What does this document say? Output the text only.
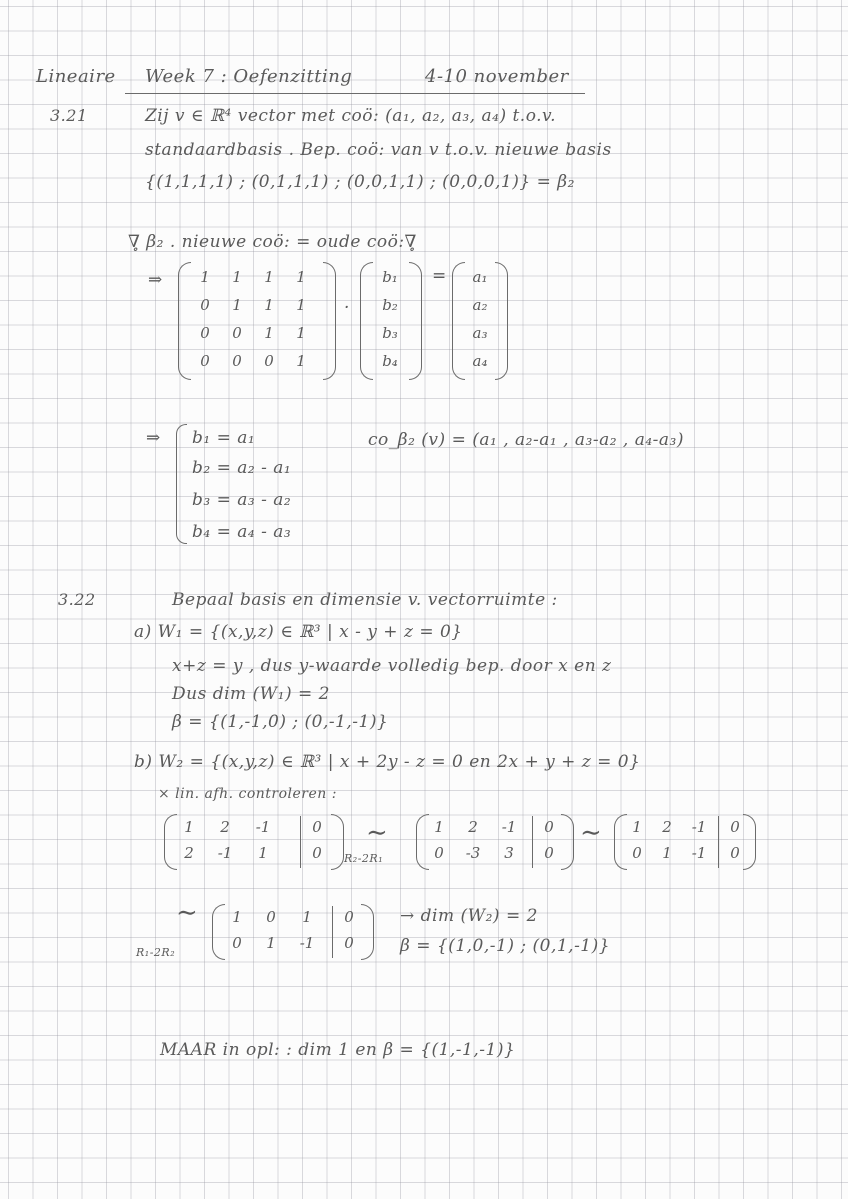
Lineaire Week 7 : Oefenzitting	4-10 november
3.21	Zij v ∈ ℝ⁴ vector met coö: (a₁, a₂, a₃, a₄) t.o.v.
standaardbasis . Bep. coö: van v t.o.v. nieuwe basis
{(1,1,1,1) ; (0,1,1,1) ; (0,0,1,1) ; (0,0,0,1)} = β₂
∇̥ β₂ . nieuwe coö: = oude coö:∇̥
⇒	1	1	1	1
0	1	1	1
0	0	1	1
0	0	0	1
·
b₁
b₂
b₃
b₄
=	a₁
a₂
a₃
a₄
⇒ b₁ = a₁
b₂ = a₂ - a₁
b₃ = a₃ - a₂
b₄ = a₄ - a₃
co_β₂ (v) = (a₁ , a₂-a₁ , a₃-a₂ , a₄-a₃)
3.22	Bepaal basis en dimensie v. vectorruimte :
a) W₁ = {(x,y,z) ∈ ℝ³ | x - y + z = 0}
x+z = y , dus y-waarde volledig bep. door x en z
Dus dim (W₁) = 2
β = {(1,-1,0) ; (0,-1,-1)}
b) W₂ = {(x,y,z) ∈ ℝ³ | x + 2y - z = 0 en 2x + y + z = 0}
× lin. afh. controleren :
1	2	-1	0
2	-1	1	0
∼
R₂-2R₁
1	2	-1	0
0	-3	3	0
∼	1	2	-1	0
0	1	-1	0
∼
R₁-2R₂
1	0	1	0
0	1	-1	0
→ dim (W₂) = 2
β = {(1,0,-1) ; (0,1,-1)}
MAAR in opl: : dim 1 en β = {(1,-1,-1)}
